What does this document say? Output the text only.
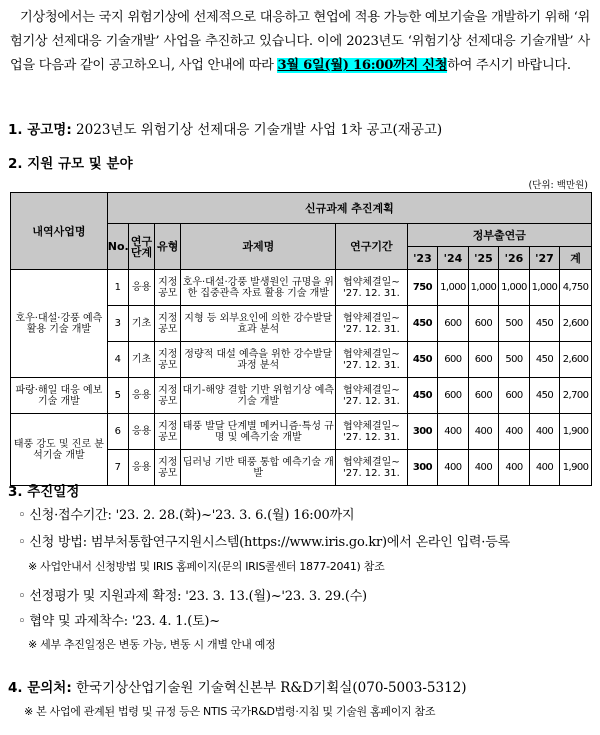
기상청에서는 국지 위험기상에 선제적으로 대응하고 현업에 적용 가능한 예보기술을 개발하기 위해 ‘위험기상 선제대응 기술개발’ 사업을 추진하고 있습니다. 이에 2023년도 ‘위험기상 선제대응 기술개발’ 사업을 다음과 같이 공고하오니, 사업 안내에 따라 3월 6일(월) 16:00까지 신청하여 주시기 바랍니다.
1. 공고명: 2023년도 위험기상 선제대응 기술개발 사업 1차 공고(재공고)
2. 지원 규모 및 분야
(단위: 백만원)
내역사업명	신규과제 추진계획										
	No.	연구단계	유형	과제명	연구기간	정부출연금					
						'23	'24	'25	'26	'27	계
호우·대설·강풍 예측 활용 기술 개발	1	응용	지정공모	호우·대설·강풍 발생원인 규명을 위한 집중관측 자료 활용 기술 개발	협약체결일~ '27. 12. 31.	750	1,000	1,000	1,000	1,000	4,750
	3	기초	지정공모	지형 등 외부요인에 의한 강수발달 효과 분석	협약체결일~ '27. 12. 31.	450	600	600	500	450	2,600
	4	기초	지정공모	정량적 대설 예측을 위한 강수발달 과정 분석	협약체결일~ '27. 12. 31.	450	600	600	500	450	2,600
파랑·해일 대응 예보기술 개발	5	응용	지정공모	대기-해양 결합 기반 위험기상 예측기술 개발	협약체결일~ '27. 12. 31.	450	600	600	600	450	2,700
태풍 강도 및 진로 분석기술 개발	6	응용	지정공모	태풍 발달 단계별 메커니즘·특성 규명 및 예측기술 개발	협약체결일~ '27. 12. 31.	300	400	400	400	400	1,900
	7	응용	지정공모	딥러닝 기반 태풍 통합 예측기술 개발	협약체결일~ '27. 12. 31.	300	400	400	400	400	1,900
3. 추진일정
◦ 신청·접수기간: '23. 2. 28.(화)~'23. 3. 6.(월) 16:00까지
◦ 신청 방법: 범부처통합연구지원시스템(https://www.iris.go.kr)에서 온라인 입력·등록
※ 사업안내서 신청방법 및 IRIS 홈페이지(문의 IRIS콜센터 1877-2041) 참조
◦ 선정평가 및 지원과제 확정: '23. 3. 13.(월)~'23. 3. 29.(수)
◦ 협약 및 과제착수: '23. 4. 1.(토)~
※ 세부 추진일정은 변동 가능, 변동 시 개별 안내 예정
4. 문의처: 한국기상산업기술원 기술혁신본부 R&D기획실(070-5003-5312)
※ 본 사업에 관계된 법령 및 규정 등은 NTIS 국가R&D법령·지침 및 기술원 홈페이지 참조
